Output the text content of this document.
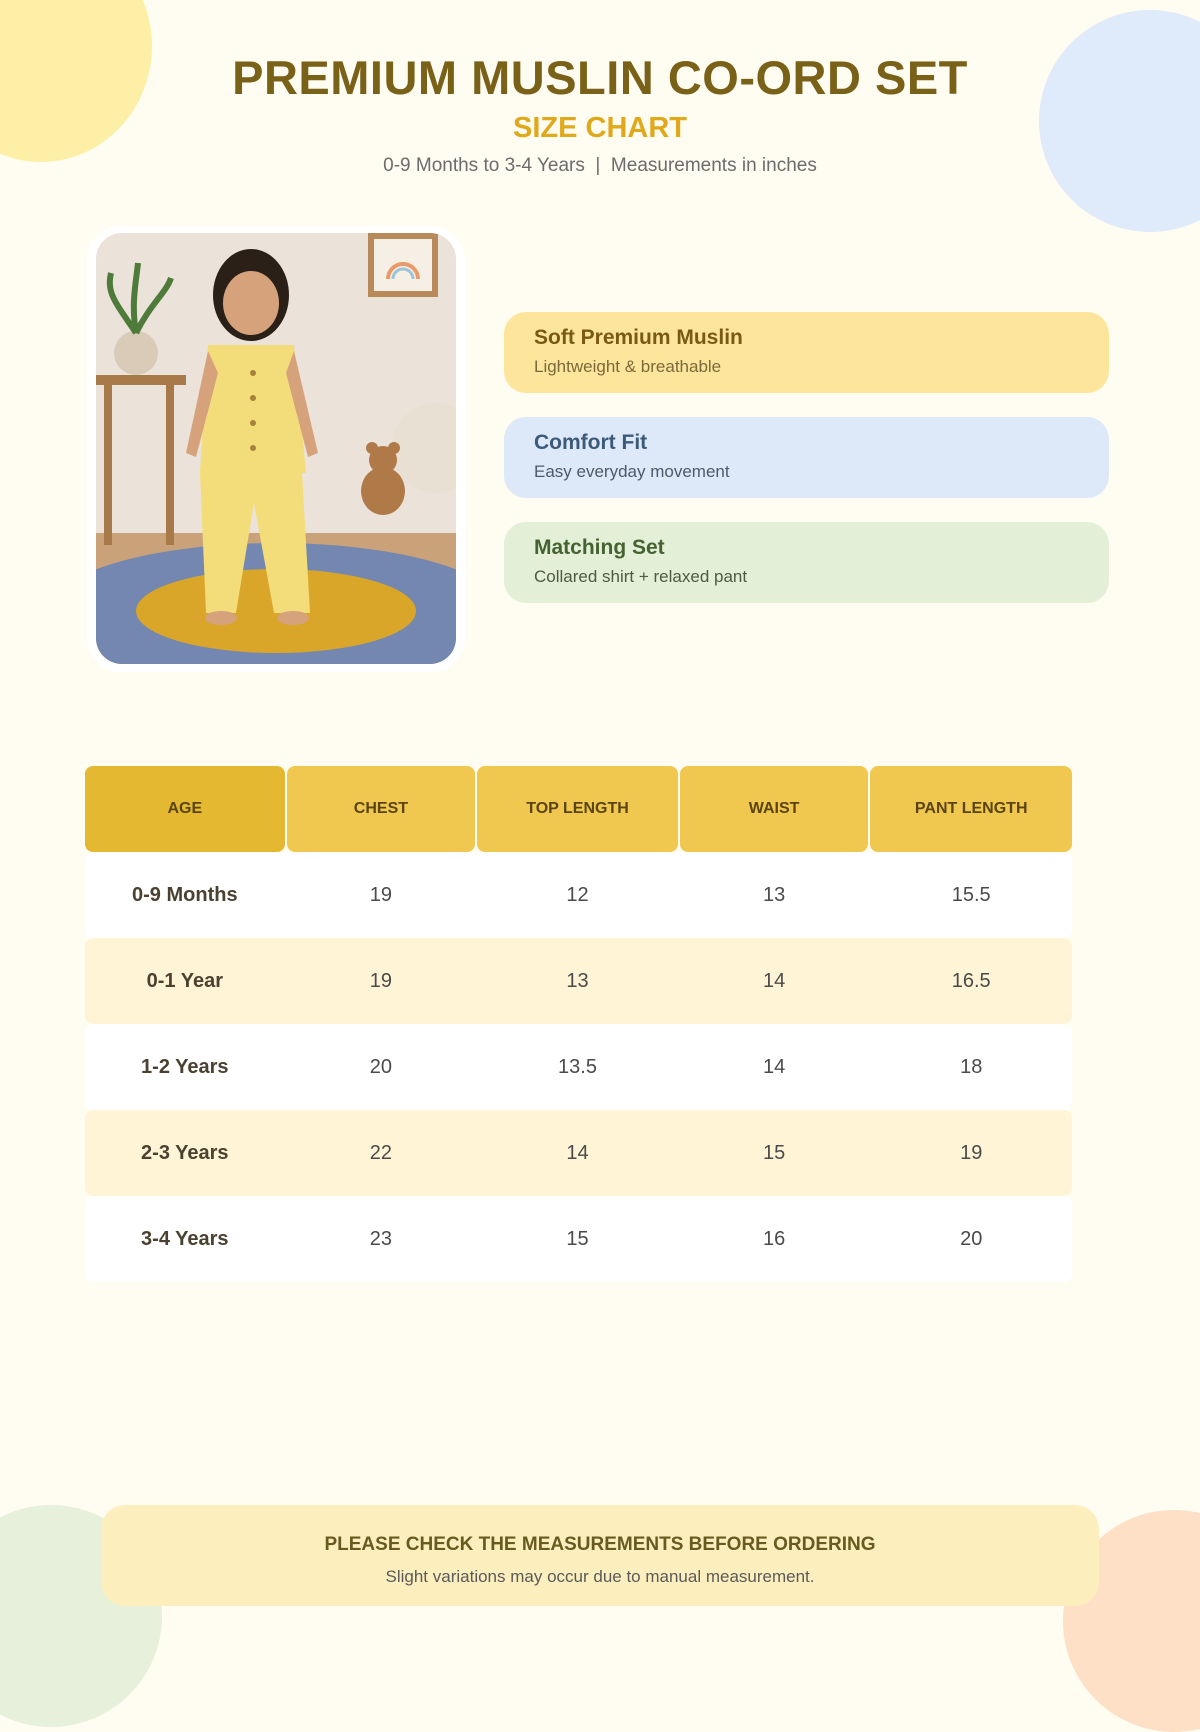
PREMIUM MUSLIN CO-ORD SET
SIZE CHART
0-9 Months to 3-4 Years  |  Measurements in inches
Soft Premium Muslin
Lightweight & breathable
Comfort Fit
Easy everyday movement
Matching Set
Collared shirt + relaxed pant
AGE	CHEST	TOP LENGTH	WAIST	PANT LENGTH
0-9 Months	19	12	13	15.5
0-1 Year	19	13	14	16.5
1-2 Years	20	13.5	14	18
2-3 Years	22	14	15	19
3-4 Years	23	15	16	20
PLEASE CHECK THE MEASUREMENTS BEFORE ORDERING
Slight variations may occur due to manual measurement.
